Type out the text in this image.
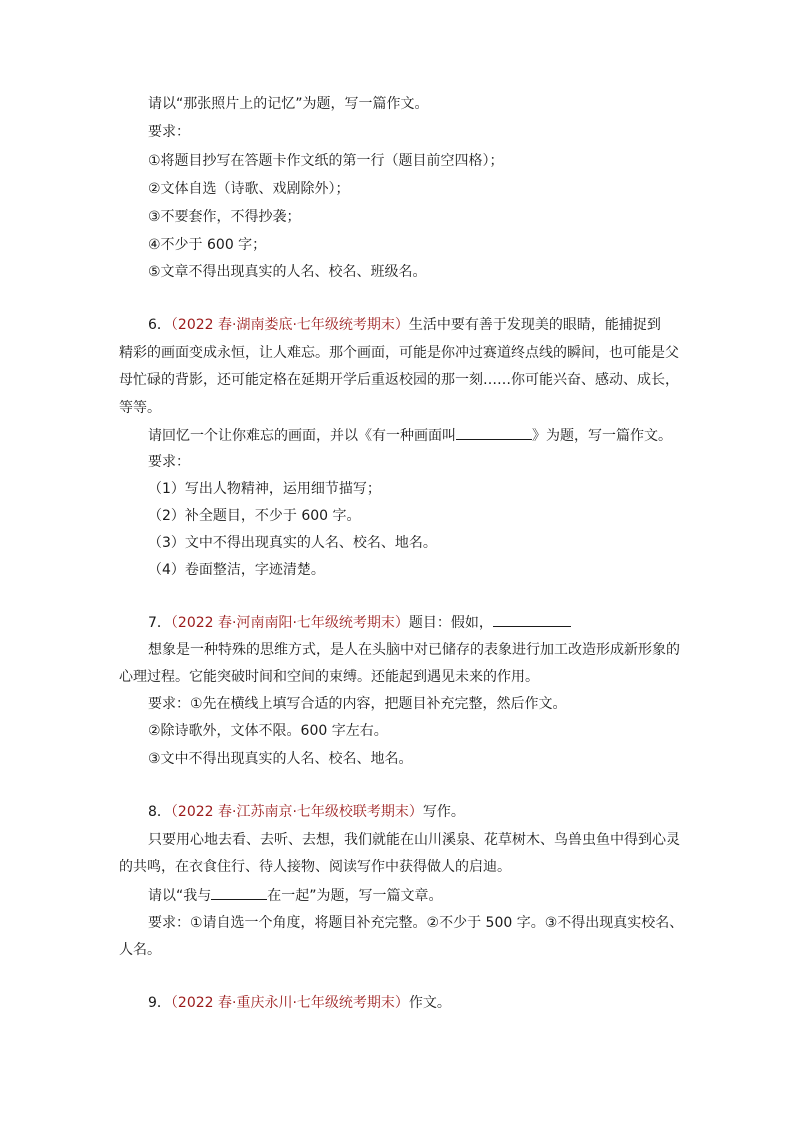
请以“那张照片上的记忆”为题，写一篇作文。
要求：
①将题目抄写在答题卡作文纸的第一行（题目前空四格）；
②文体自选（诗歌、戏剧除外）；
③不要套作，不得抄袭；
④不少于 600 字；
⑤文章不得出现真实的人名、校名、班级名。
6．（2022 春·湖南娄底·七年级统考期末）生活中要有善于发现美的眼睛，能捕捉到
精彩的画面变成永恒，让人难忘。那个画面，可能是你冲过赛道终点线的瞬间，也可能是父
母忙碌的背影，还可能定格在延期开学后重返校园的那一刻……你可能兴奋、感动、成长，
等等。
请回忆一个让你难忘的画面，并以《有一种画面叫	》为题，写一篇作文。
要求：
（1）写出人物精神，运用细节描写；
（2）补全题目，不少于 600 字。
（3）文中不得出现真实的人名、校名、地名。
（4）卷面整洁，字迹清楚。
7．（2022 春·河南南阳·七年级统考期末）题目：假如，
想象是一种特殊的思维方式，是人在头脑中对已储存的表象进行加工改造形成新形象的
心理过程。它能突破时间和空间的束缚。还能起到遇见未来的作用。
要求：①先在横线上填写合适的内容，把题目补充完整，然后作文。
②除诗歌外，文体不限。600 字左右。
③文中不得出现真实的人名、校名、地名。
8．（2022 春·江苏南京·七年级校联考期末）写作。
只要用心地去看、去听、去想，我们就能在山川溪泉、花草树木、鸟兽虫鱼中得到心灵
的共鸣，在衣食住行、待人接物、阅读写作中获得做人的启迪。
请以“我与	在一起”为题，写一篇文章。
要求：①请自选一个角度，将题目补充完整。②不少于 500 字。③不得出现真实校名、
人名。
9．（2022 春·重庆永川·七年级统考期末）作文。
